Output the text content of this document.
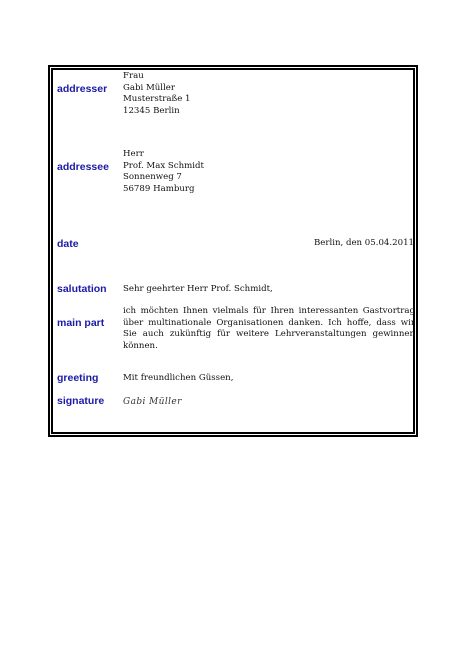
addresser
Frau
Gabi Müller
Musterstraße 1
12345 Berlin
addressee
Herr
Prof. Max Schmidt
Sonnenweg 7
56789 Hamburg
date	Berlin, den 05.04.2011
salutation Sehr geehrter Herr Prof. Schmidt,
main part
ich möchten Ihnen vielmals für Ihren interessanten Gastvortrag über multinationale Organisationen danken. Ich hoffe, dass wir Sie auch zukünftig für weitere Lehrveranstaltungen gewinnen können.
greeting	Mit freundlichen Güssen,
signature Gabi Müller
